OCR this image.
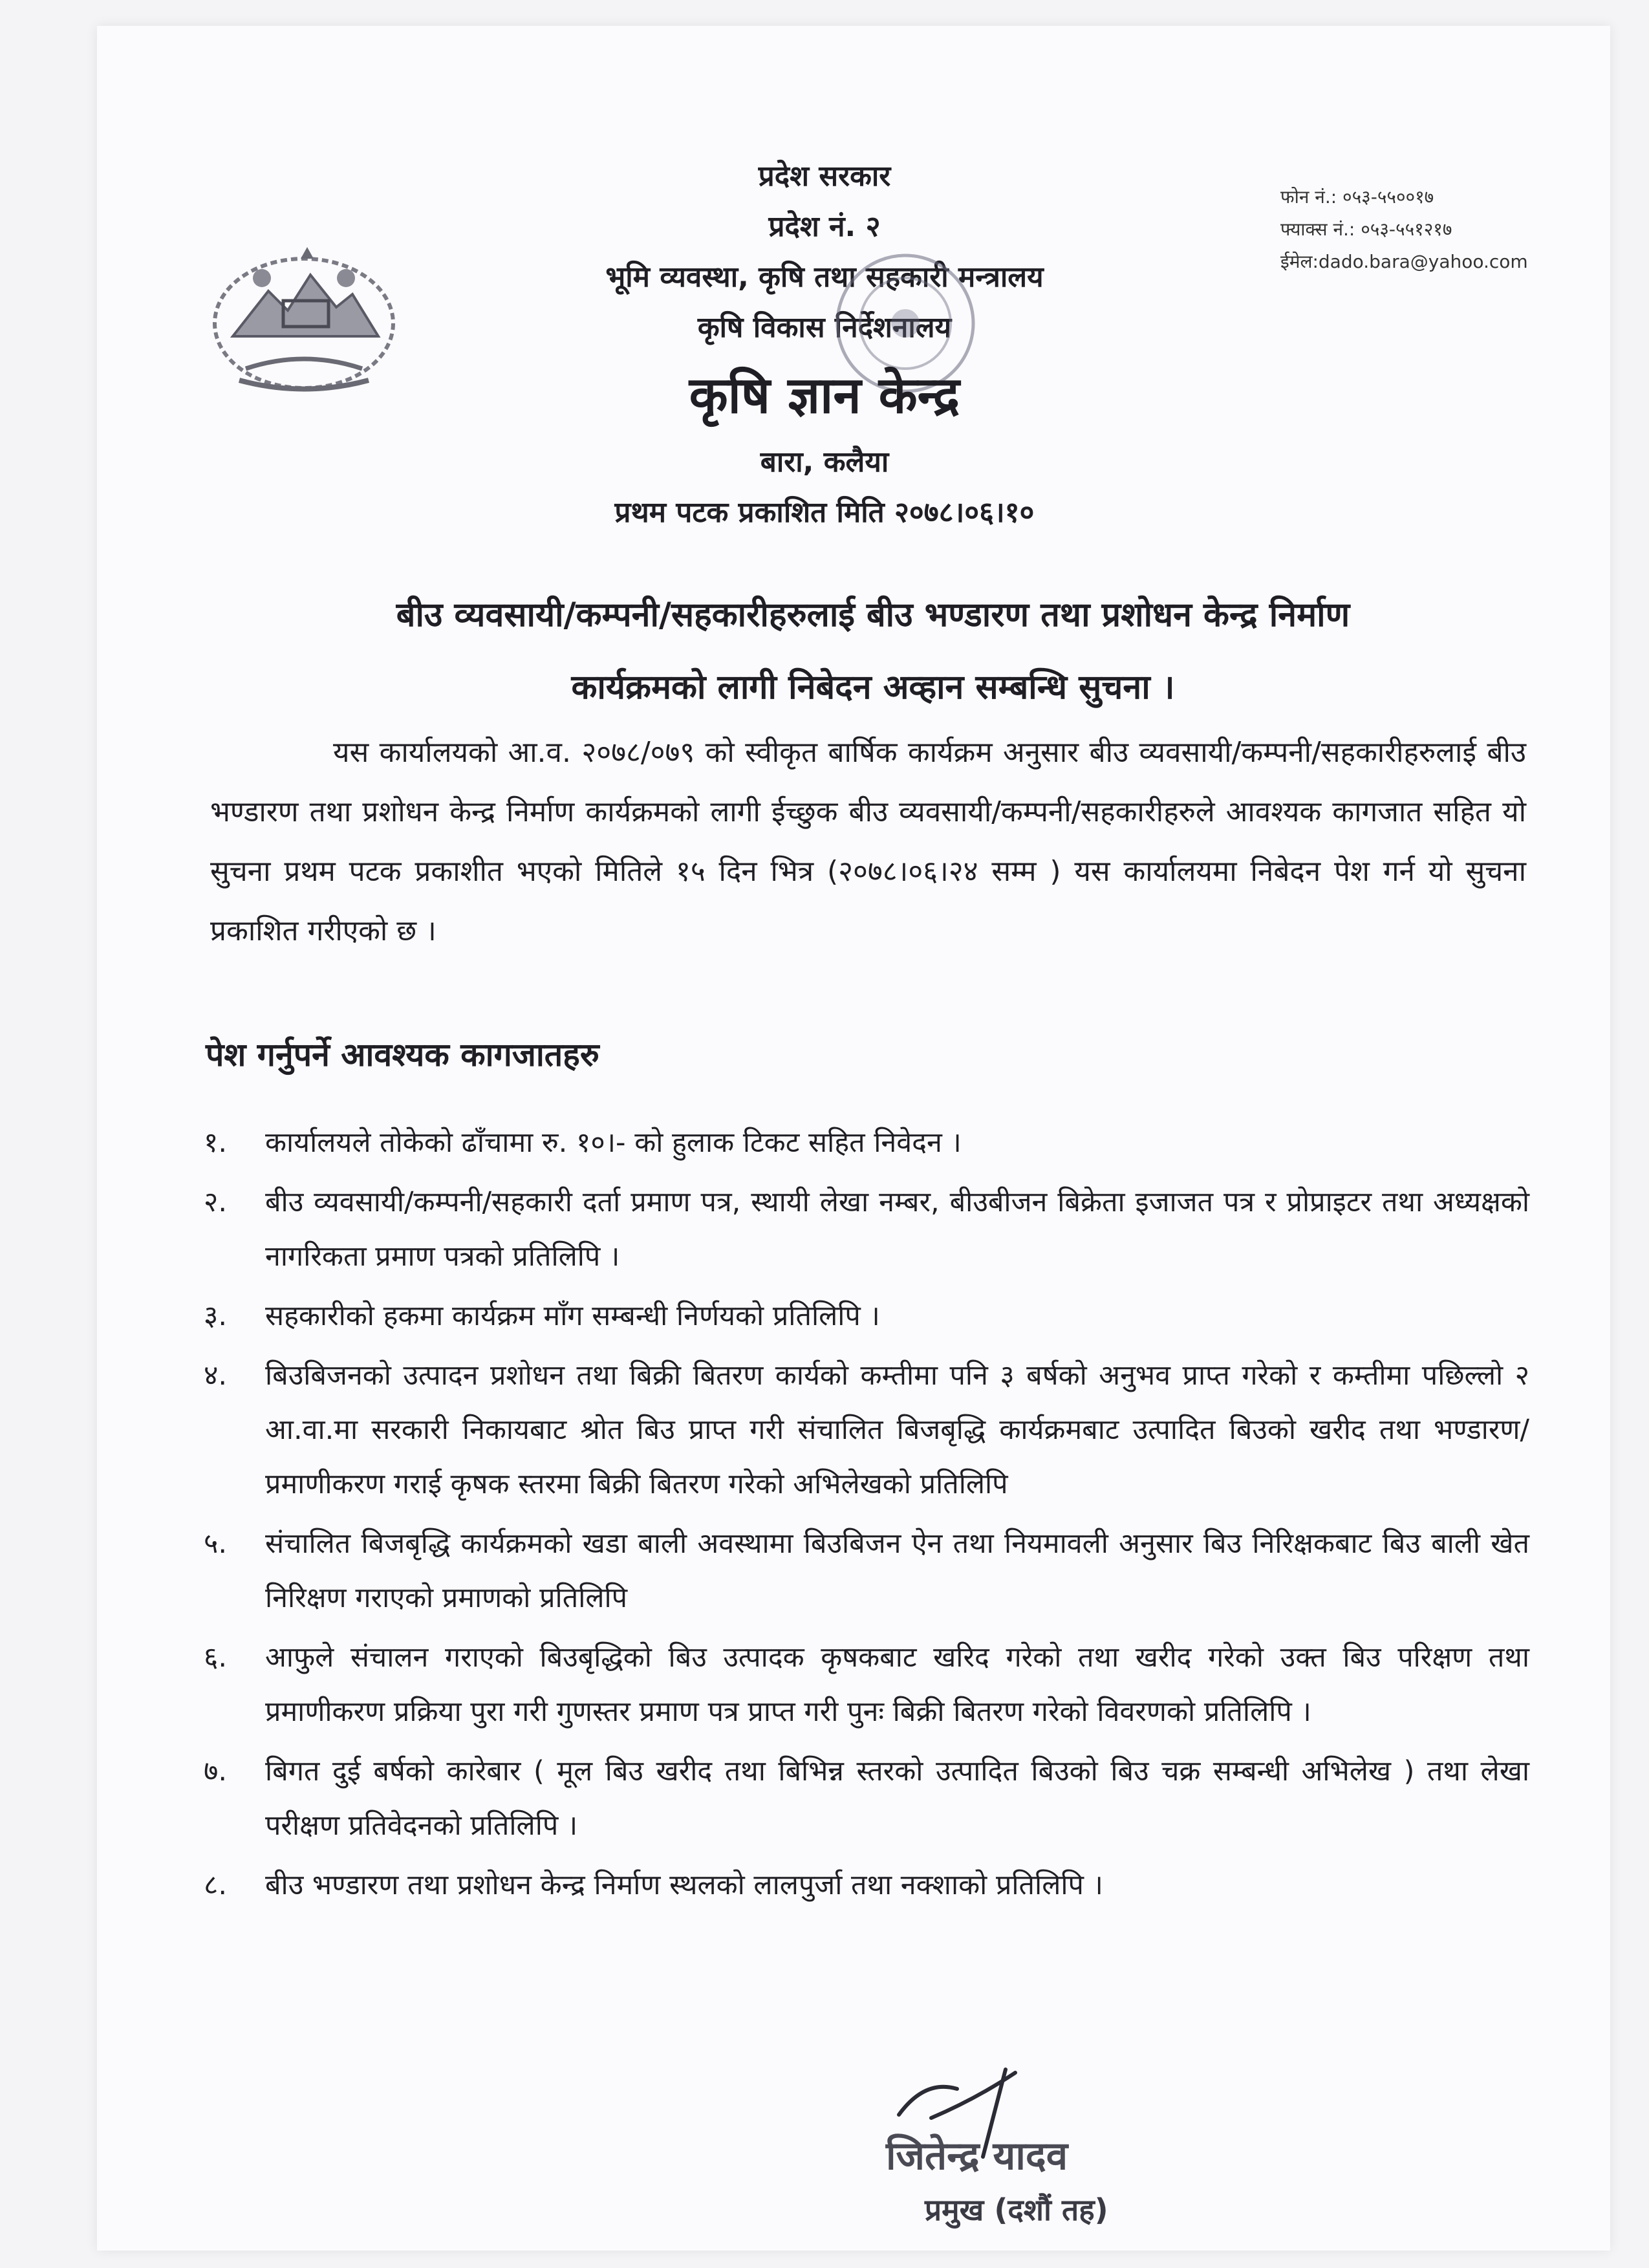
फोन नं.: ०५३-५५००१७
फ्याक्स नं.: ०५३-५५१२१७
ईमेल:dado.bara@yahoo.com
प्रदेश सरकार
प्रदेश नं. २
भूमि व्यवस्था, कृषि तथा सहकारी मन्त्रालय
कृषि विकास निर्देशनालय
कृषि ज्ञान केन्द्र
बारा, कलैया
प्रथम पटक प्रकाशित मिति २०७८।०६।१०
बीउ व्यवसायी/कम्पनी/सहकारीहरुलाई बीउ भण्डारण तथा प्रशोधन केन्द्र निर्माण
कार्यक्रमको लागी निबेदन अव्हान सम्बन्धि सुचना ।
यस कार्यालयको आ.व. २०७८/०७९ को स्वीकृत बार्षिक कार्यक्रम अनुसार बीउ व्यवसायी/कम्पनी/सहकारीहरुलाई बीउ भण्डारण तथा प्रशोधन केन्द्र निर्माण कार्यक्रमको लागी ईच्छुक बीउ व्यवसायी/कम्पनी/सहकारीहरुले आवश्यक कागजात सहित यो सुचना प्रथम पटक प्रकाशीत भएको मितिले १५ दिन भित्र (२०७८।०६।२४ सम्म ) यस कार्यालयमा निबेदन पेश गर्न यो सुचना प्रकाशित गरीएको छ ।
पेश गर्नुपर्ने आवश्यक कागजातहरु
१. कार्यालयले तोकेको ढाँचामा रु. १०।- को हुलाक टिकट सहित निवेदन ।
२. बीउ व्यवसायी/कम्पनी/सहकारी दर्ता प्रमाण पत्र, स्थायी लेखा नम्बर, बीउबीजन बिक्रेता इजाजत पत्र र प्रोप्राइटर तथा अध्यक्षको नागरिकता प्रमाण पत्रको प्रतिलिपि ।
३. सहकारीको हकमा कार्यक्रम माँग सम्बन्धी निर्णयको प्रतिलिपि ।
४. बिउबिजनको उत्पादन प्रशोधन तथा बिक्री बितरण कार्यको कम्तीमा पनि ३ बर्षको अनुभव प्राप्त गरेको र कम्तीमा पछिल्लो २ आ.वा.मा सरकारी निकायबाट श्रोत बिउ प्राप्त गरी संचालित बिजबृद्धि कार्यक्रमबाट उत्पादित बिउको खरीद तथा भण्डारण/प्रमाणीकरण गराई कृषक स्तरमा बिक्री बितरण गरेको अभिलेखको प्रतिलिपि
५. संचालित बिजबृद्धि कार्यक्रमको खडा बाली अवस्थामा बिउबिजन ऐन तथा नियमावली अनुसार बिउ निरिक्षकबाट बिउ बाली खेत निरिक्षण गराएको प्रमाणको प्रतिलिपि
६. आफुले संचालन गराएको बिउबृद्धिको बिउ उत्पादक कृषकबाट खरिद गरेको तथा खरीद गरेको उक्त बिउ परिक्षण तथा प्रमाणीकरण प्रक्रिया पुरा गरी गुणस्तर प्रमाण पत्र प्राप्त गरी पुनः बिक्री बितरण गरेको विवरणको प्रतिलिपि ।
७. बिगत दुई बर्षको कारेबार ( मूल बिउ खरीद तथा बिभिन्न स्तरको उत्पादित बिउको बिउ चक्र सम्बन्धी अभिलेख ) तथा लेखा परीक्षण प्रतिवेदनको प्रतिलिपि ।
८. बीउ भण्डारण तथा प्रशोधन केन्द्र निर्माण स्थलको लालपुर्जा तथा नक्शाको प्रतिलिपि ।
जितेन्द्र यादव
प्रमुख (दशौं तह)
